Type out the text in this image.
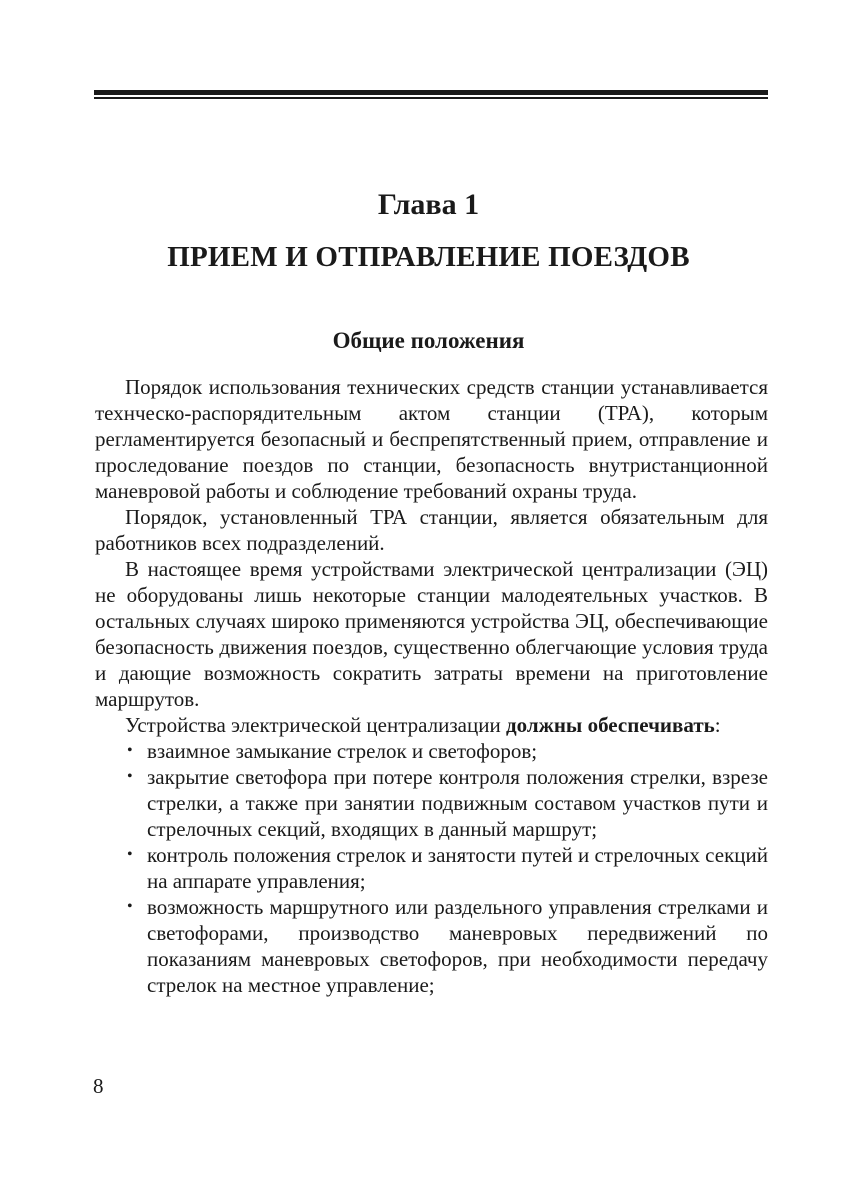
Глава 1
ПРИЕМ И ОТПРАВЛЕНИЕ ПОЕЗДОВ
Общие положения

Порядок использования технических средств станции устанавливается технческо-распорядительным актом станции (ТРА), которым регламентируется безопасный и беспрепятственный прием, отправление и проследование поездов по станции, безопасность внутристанционной маневровой работы и соблюдение требований охраны труда.

Порядок, установленный ТРА станции, является обязательным для работников всех подразделений.

В настоящее время устройствами электрической централизации (ЭЦ) не оборудованы лишь некоторые станции малодеятельных участков. В остальных случаях широко применяются устройства ЭЦ, обеспечивающие безопасность движения поездов, существенно облегчающие условия труда и дающие возможность сократить затраты времени на приготовление маршрутов.

Устройства электрической централизации должны обеспечивать:

• взаимное замыкание стрелок и светофоров;
• закрытие светофора при потере контроля положения стрелки, взрезе стрелки, а также при занятии подвижным составом участков пути и стрелочных секций, входящих в данный маршрут;
• контроль положения стрелок и занятости путей и стрелочных секций на аппарате управления;
• возможность маршрутного или раздельного управления стрелками и светофорами, производство маневровых передвижений по показаниям маневровых светофоров, при необходимости передачу стрелок на местное управление;
8
